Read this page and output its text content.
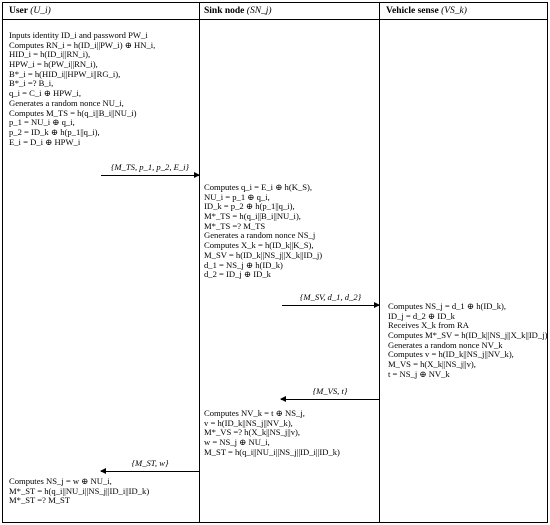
User (U_i)	Sink node (SN_j)	Vehicle sense (VS_k)
Inputs identity ID_i and password PW_i
Computes RN_i = h(ID_i||PW_i) ⊕ HN_i,
HID_i = h(ID_i||RN_i),
HPW_i = h(PW_i||RN_i),
B*_i = h(HID_i||HPW_i||RG_i),
B*_i =? B_i,
q_i = C_i ⊕ HPW_i,
Generates a random nonce NU_i,
Computes M_TS = h(q_i||B_i||NU_i)
p_1 = NU_i ⊕ q_i,
p_2 = ID_k ⊕ h(p_1||q_i),
E_i = D_i ⊕ HPW_i
{M_TS, p_1, p_2, E_i}
Computes q_i = E_i ⊕ h(K_S),
NU_i = p_1 ⊕ q_i,
ID_k = p_2 ⊕ h(p_1||q_i),
M*_TS = h(q_i||B_i||NU_i),
M*_TS =? M_TS
Generates a random nonce NS_j
Computes X_k = h(ID_k||K_S),
M_SV = h(ID_k||NS_j||X_k||ID_j)
d_1 = NS_j ⊕ h(ID_k)
d_2 = ID_j ⊕ ID_k
{M_SV, d_1, d_2}
Computes NS_j = d_1 ⊕ h(ID_k),
ID_j = d_2 ⊕ ID_k
Receives X_k from RA
Computes M*_SV = h(ID_k||NS_j||X_k||ID_j)
Generates a random nonce NV_k
Computes v = h(ID_k||NS_j||NV_k),
M_VS = h(X_k||NS_j||v),
t = NS_j ⊕ NV_k
{M_VS, t}
Computes NV_k = t ⊕ NS_j,
v = h(ID_k||NS_j||NV_k),
M*_VS =? h(X_k||NS_j||v),
w = NS_j ⊕ NU_i,
M_ST = h(q_i||NU_i||NS_j||ID_i||ID_k)
{M_ST, w}
Computes NS_j = w ⊕ NU_i,
M*_ST = h(q_i||NU_i||NS_j||ID_i||ID_k)
M*_ST =? M_ST
